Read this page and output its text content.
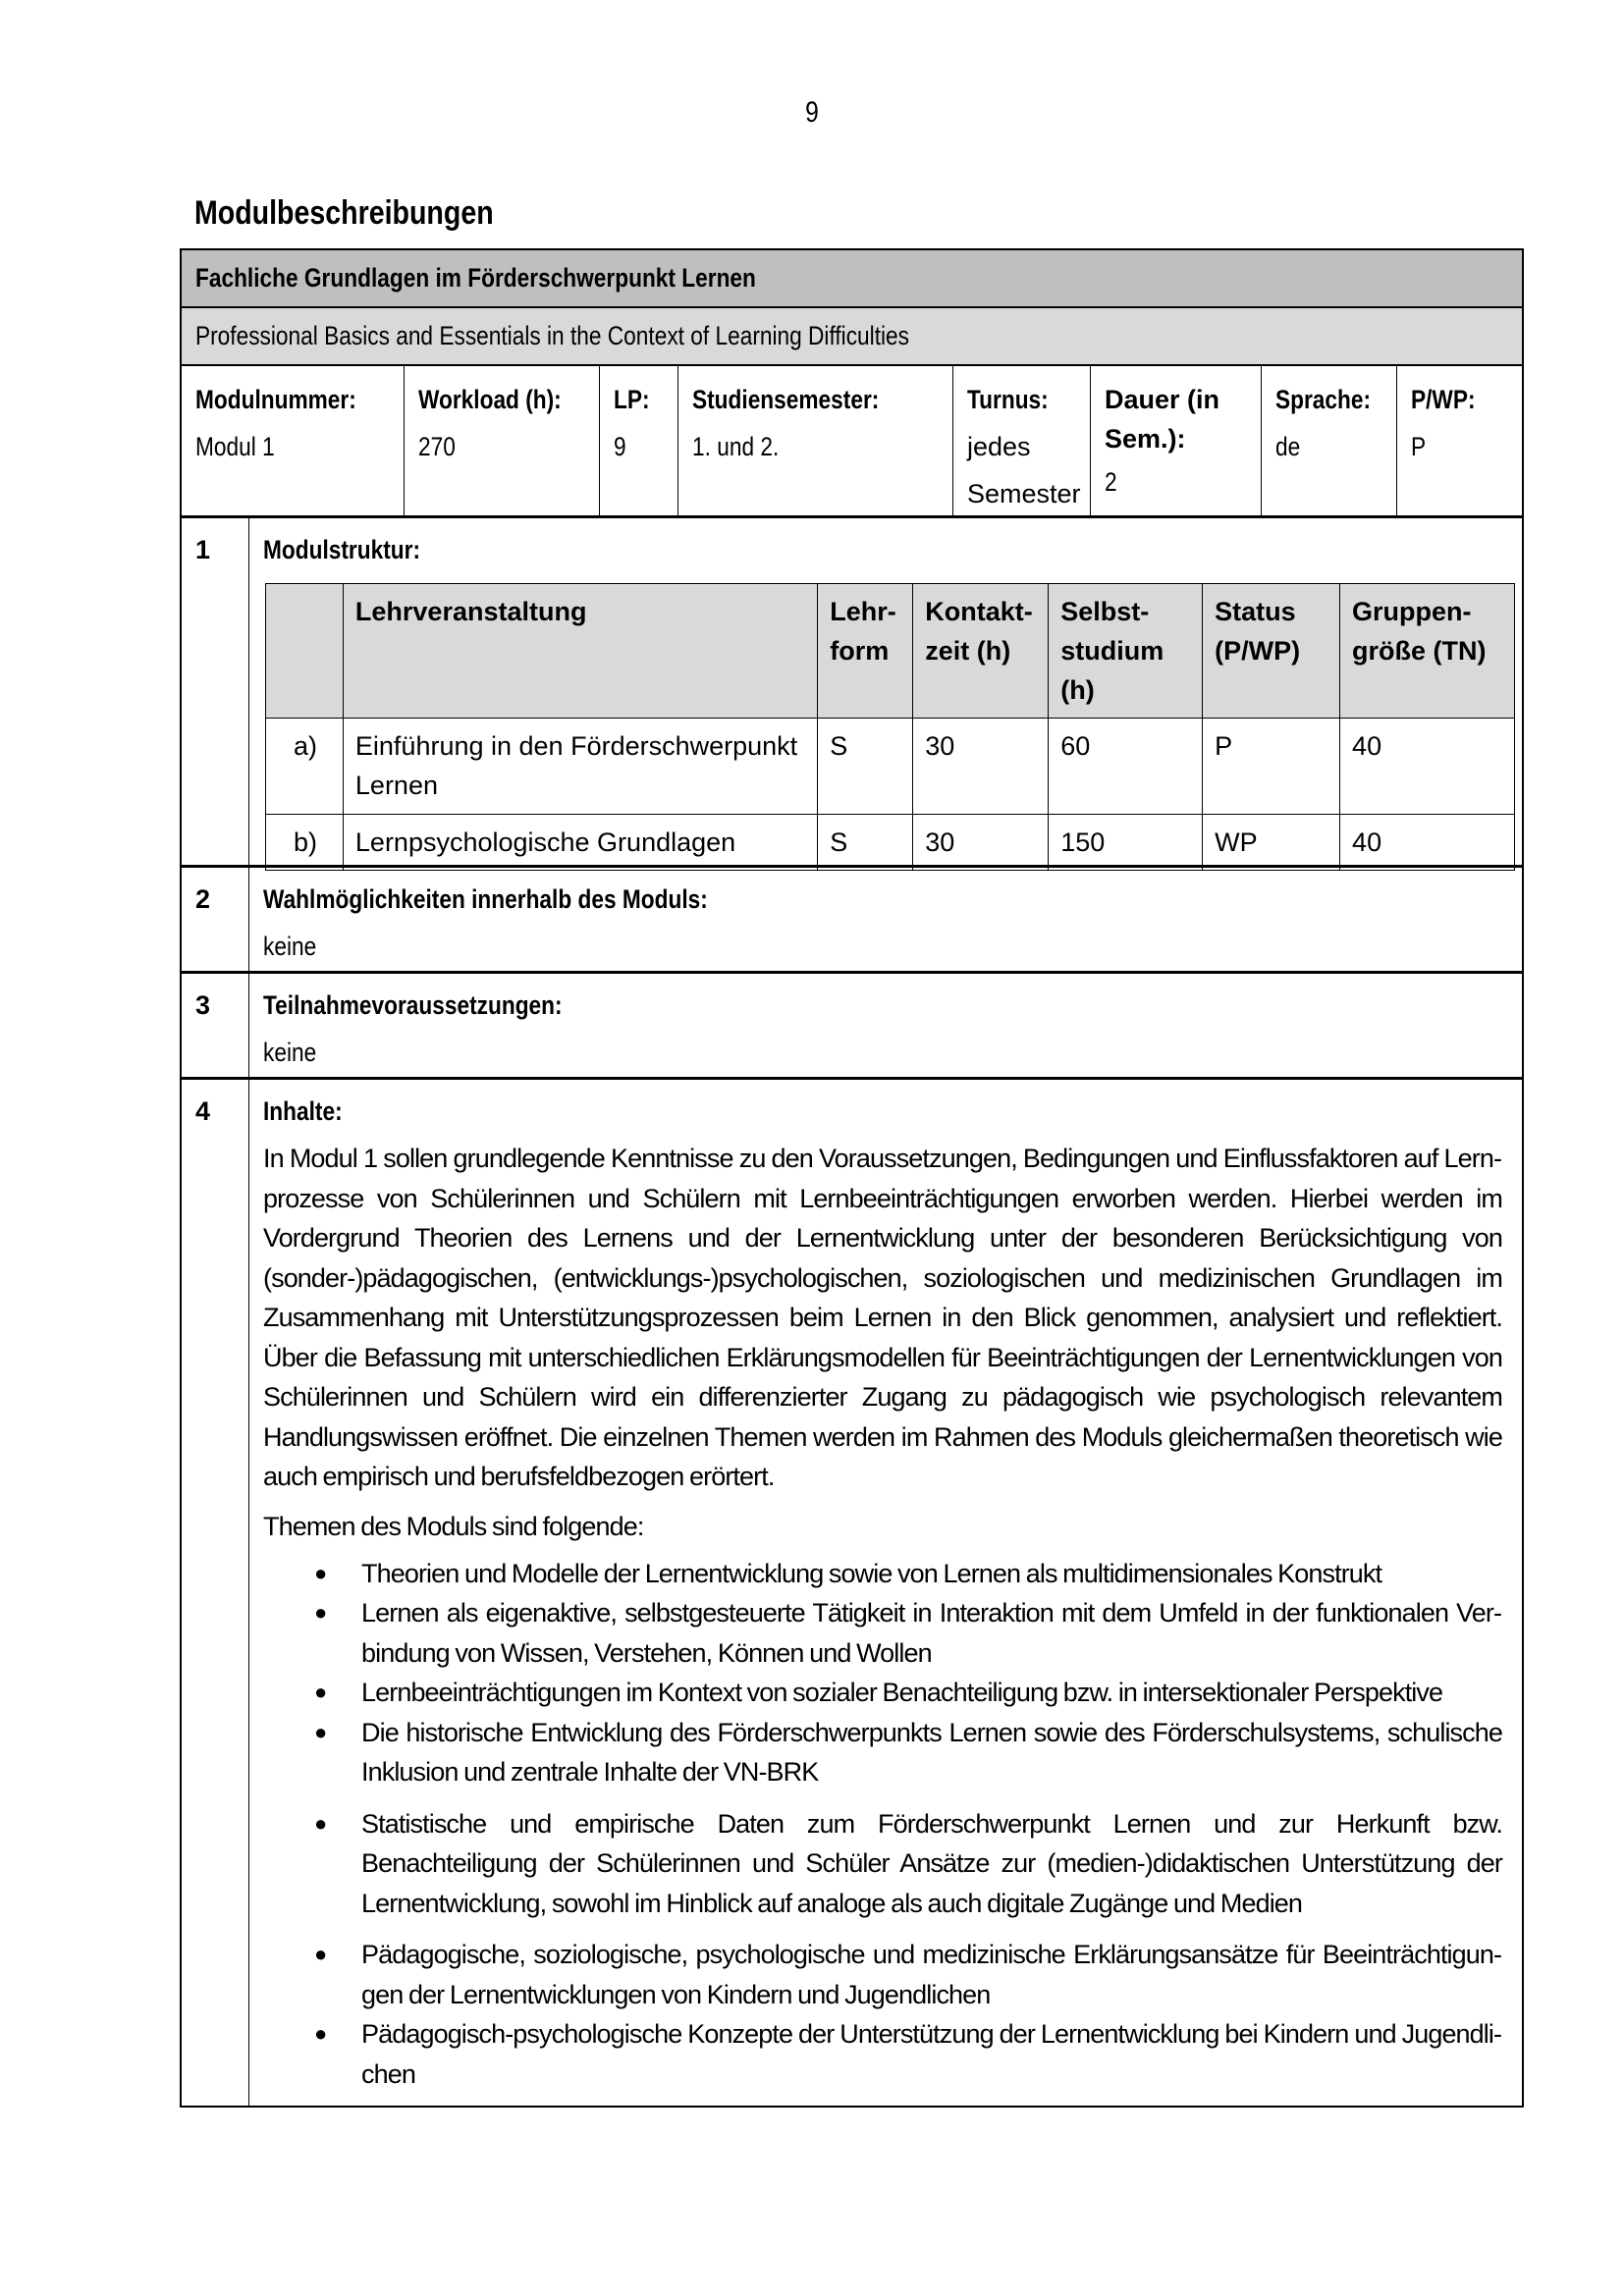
9
Modulbeschreibungen
Fachliche Grundlagen im Förderschwerpunkt Lernen
Professional Basics and Essentials in the Context of Learning Difficulties
Modulnummer:
Modul 1
Workload (h):
270
LP:
9
Studiensemester:
1. und 2.
Turnus:
jedes Semester
Dauer (in Sem.):
2
Sprache:
de
P/WP:
P
1	Modulstruktur:
	Lehrveranstaltung	Lehr-form	Kontakt-zeit (h)	Selbst-studium (h)	Status (P/WP)	Gruppen-größe (TN)
a)	Einführung in den Förderschwerpunkt Lernen	S	30	60	P	40
b)	Lernpsychologische Grundlagen	S	30	150	WP	40
2	Wahlmöglichkeiten innerhalb des Moduls:
keine
3	Teilnahmevoraussetzungen:
keine
4	Inhalte:
In Modul 1 sollen grundlegende Kenntnisse zu den Voraussetzungen, Bedingungen und Einflussfaktoren auf Lernprozesse von Schülerinnen und Schülern mit Lernbeeinträchtigungen erworben werden. Hierbei werden im Vordergrund Theorien des Lernens und der Lernentwicklung unter der besonderen Berücksichtigung von (sonder-)pädagogischen, (entwicklungs-)psychologischen, soziologischen und medizinischen Grundlagen im Zusammenhang mit Unterstützungsprozessen beim Lernen in den Blick genommen, analysiert und reflektiert. Über die Befassung mit unterschiedlichen Erklärungsmodellen für Beeinträchtigungen der Lernentwicklungen von Schülerinnen und Schülern wird ein differenzierter Zugang zu pädagogisch wie psychologisch relevantem Handlungswissen eröffnet. Die einzelnen Themen werden im Rahmen des Moduls gleichermaßen theoretisch wie auch empirisch und berufsfeldbezogen erörtert.
Themen des Moduls sind folgende:
● Theorien und Modelle der Lernentwicklung sowie von Lernen als multidimensionales Konstrukt
● Lernen als eigenaktive, selbstgesteuerte Tätigkeit in Interaktion mit dem Umfeld in der funktionalen Verbindung von Wissen, Verstehen, Können und Wollen
● Lernbeeinträchtigungen im Kontext von sozialer Benachteiligung bzw. in intersektionaler Perspektive
● Die historische Entwicklung des Förderschwerpunkts Lernen sowie des Förderschulsystems, schulische Inklusion und zentrale Inhalte der VN-BRK
● Statistische und empirische Daten zum Förderschwerpunkt Lernen und zur Herkunft bzw. Benachteiligung der Schülerinnen und Schüler Ansätze zur (medien-)didaktischen Unterstützung der Lernentwicklung, sowohl im Hinblick auf analoge als auch digitale Zugänge und Medien
● Pädagogische, soziologische, psychologische und medizinische Erklärungsansätze für Beeinträchtigungen der Lernentwicklungen von Kindern und Jugendlichen
● Pädagogisch-psychologische Konzepte der Unterstützung der Lernentwicklung bei Kindern und Jugendlichen
